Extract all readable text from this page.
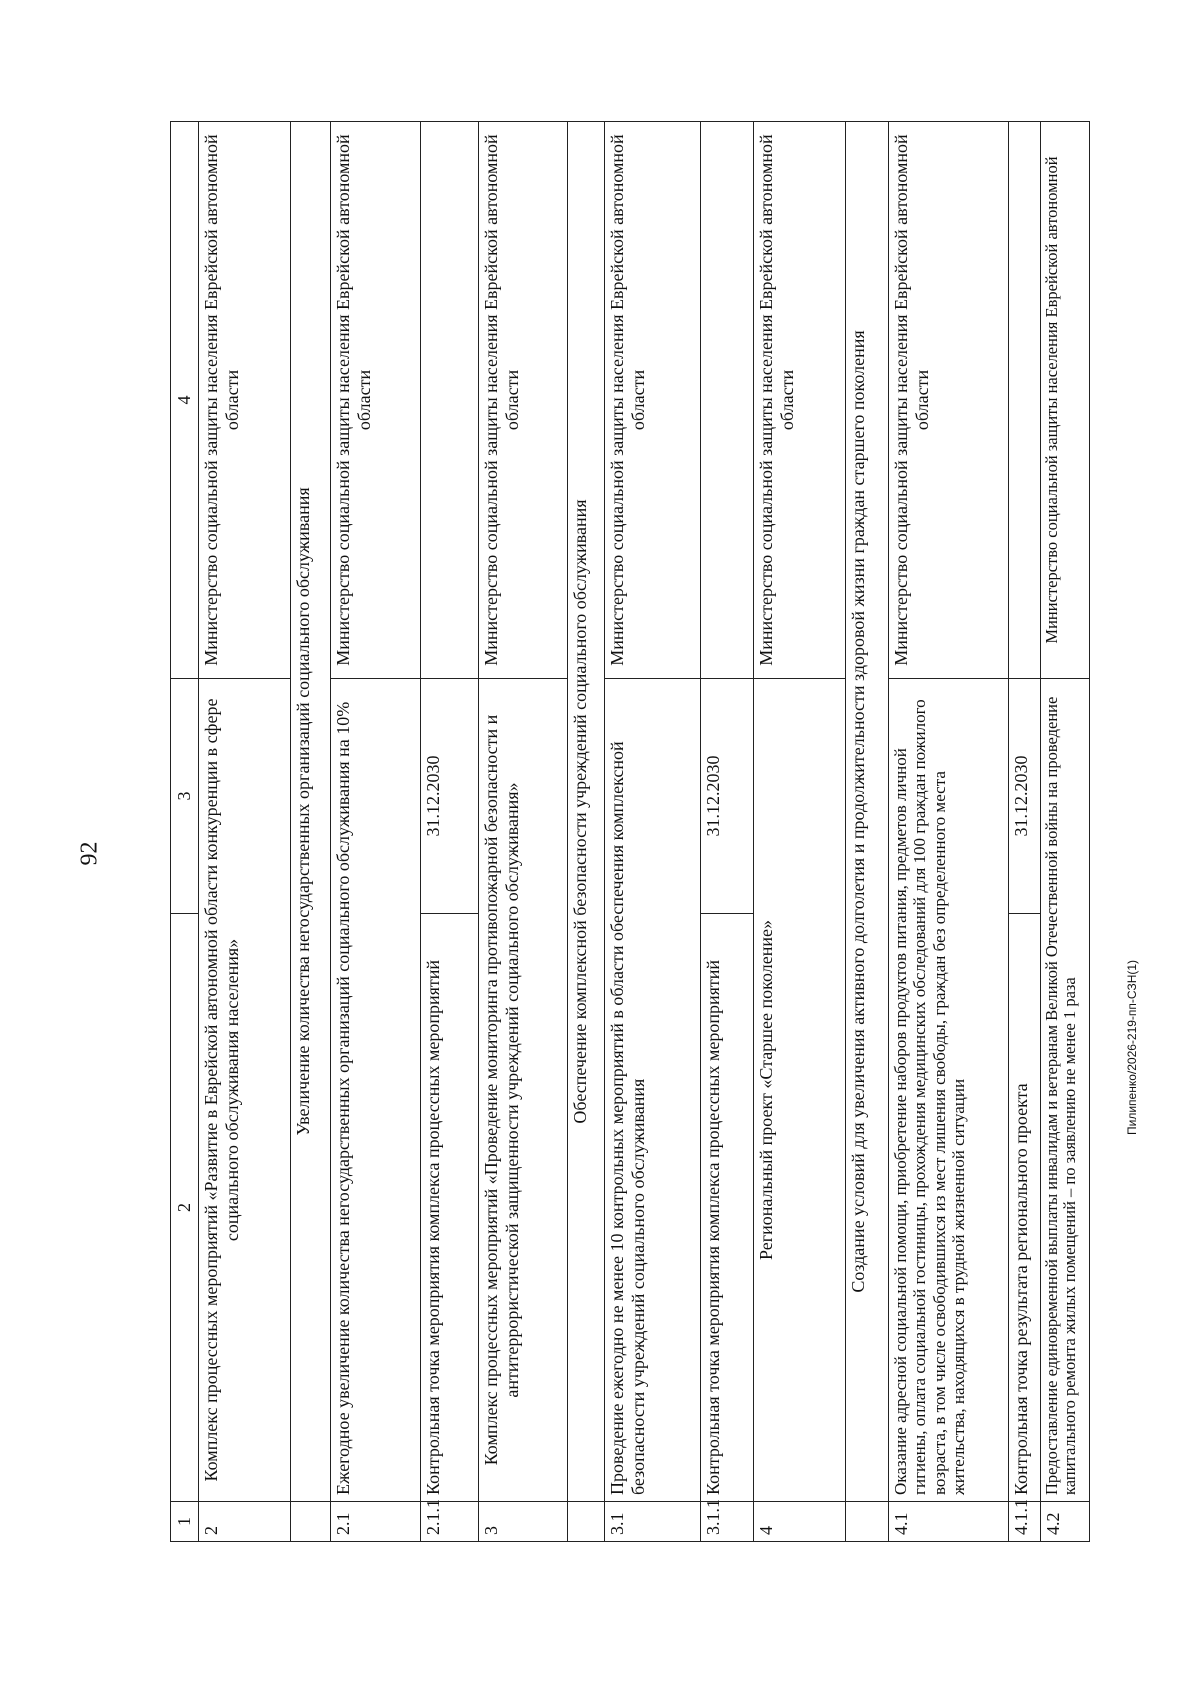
92
Пилипенко/2026-219-пп-СЗН(1)
1	2	3	4
2	Комплекс процессных мероприятий «Развитие в Еврейской автономной области конкуренции в сфере социального обслуживания населения»		Министерство социальной защиты населения Еврейской автономной области
	Увеличение количества негосударственных организаций социального обслуживания		
2.1	Ежегодное увеличение количества негосударственных организаций социального обслуживания на 10%		Министерство социальной защиты населения Еврейской автономной области
2.1.1	Контрольная точка мероприятия комплекса процессных мероприятий	31.12.2030	
3	Комплекс процессных мероприятий «Проведение мониторинга противопожарной безопасности и антитеррористической защищенности учреждений социального обслуживания»		Министерство социальной защиты населения Еврейской автономной области
	Обеспечение комплексной безопасности учреждений социального обслуживания		
3.1	Проведение ежегодно не менее 10 контрольных мероприятий в области обеспечения комплексной безопасности учреждений социального обслуживания		Министерство социальной защиты населения Еврейской автономной области
3.1.1	Контрольная точка мероприятия комплекса процессных мероприятий	31.12.2030	
4	Региональный проект «Старшее поколение»		Министерство социальной защиты населения Еврейской автономной области
	Создание условий для увеличения активного долголетия и продолжительности здоровой жизни граждан старшего поколения		
4.1	Оказание адресной социальной помощи, приобретение наборов продуктов питания, предметов личной гигиены, оплата социальной гостиницы, прохождения медицинских обследований для 100 граждан пожилого возраста, в том числе освободившихся из мест лишения свободы, граждан без определенного места жительства, находящихся в трудной жизненной ситуации		Министерство социальной защиты населения Еврейской автономной области
4.1.1	Контрольная точка результата регионального проекта	31.12.2030	
4.2	Предоставление единовременной выплаты инвалидам и ветеранам Великой Отечественной войны на проведение капитального ремонта жилых помещений – по заявлению не менее 1 раза		Министерство социальной защиты населения Еврейской автономной
